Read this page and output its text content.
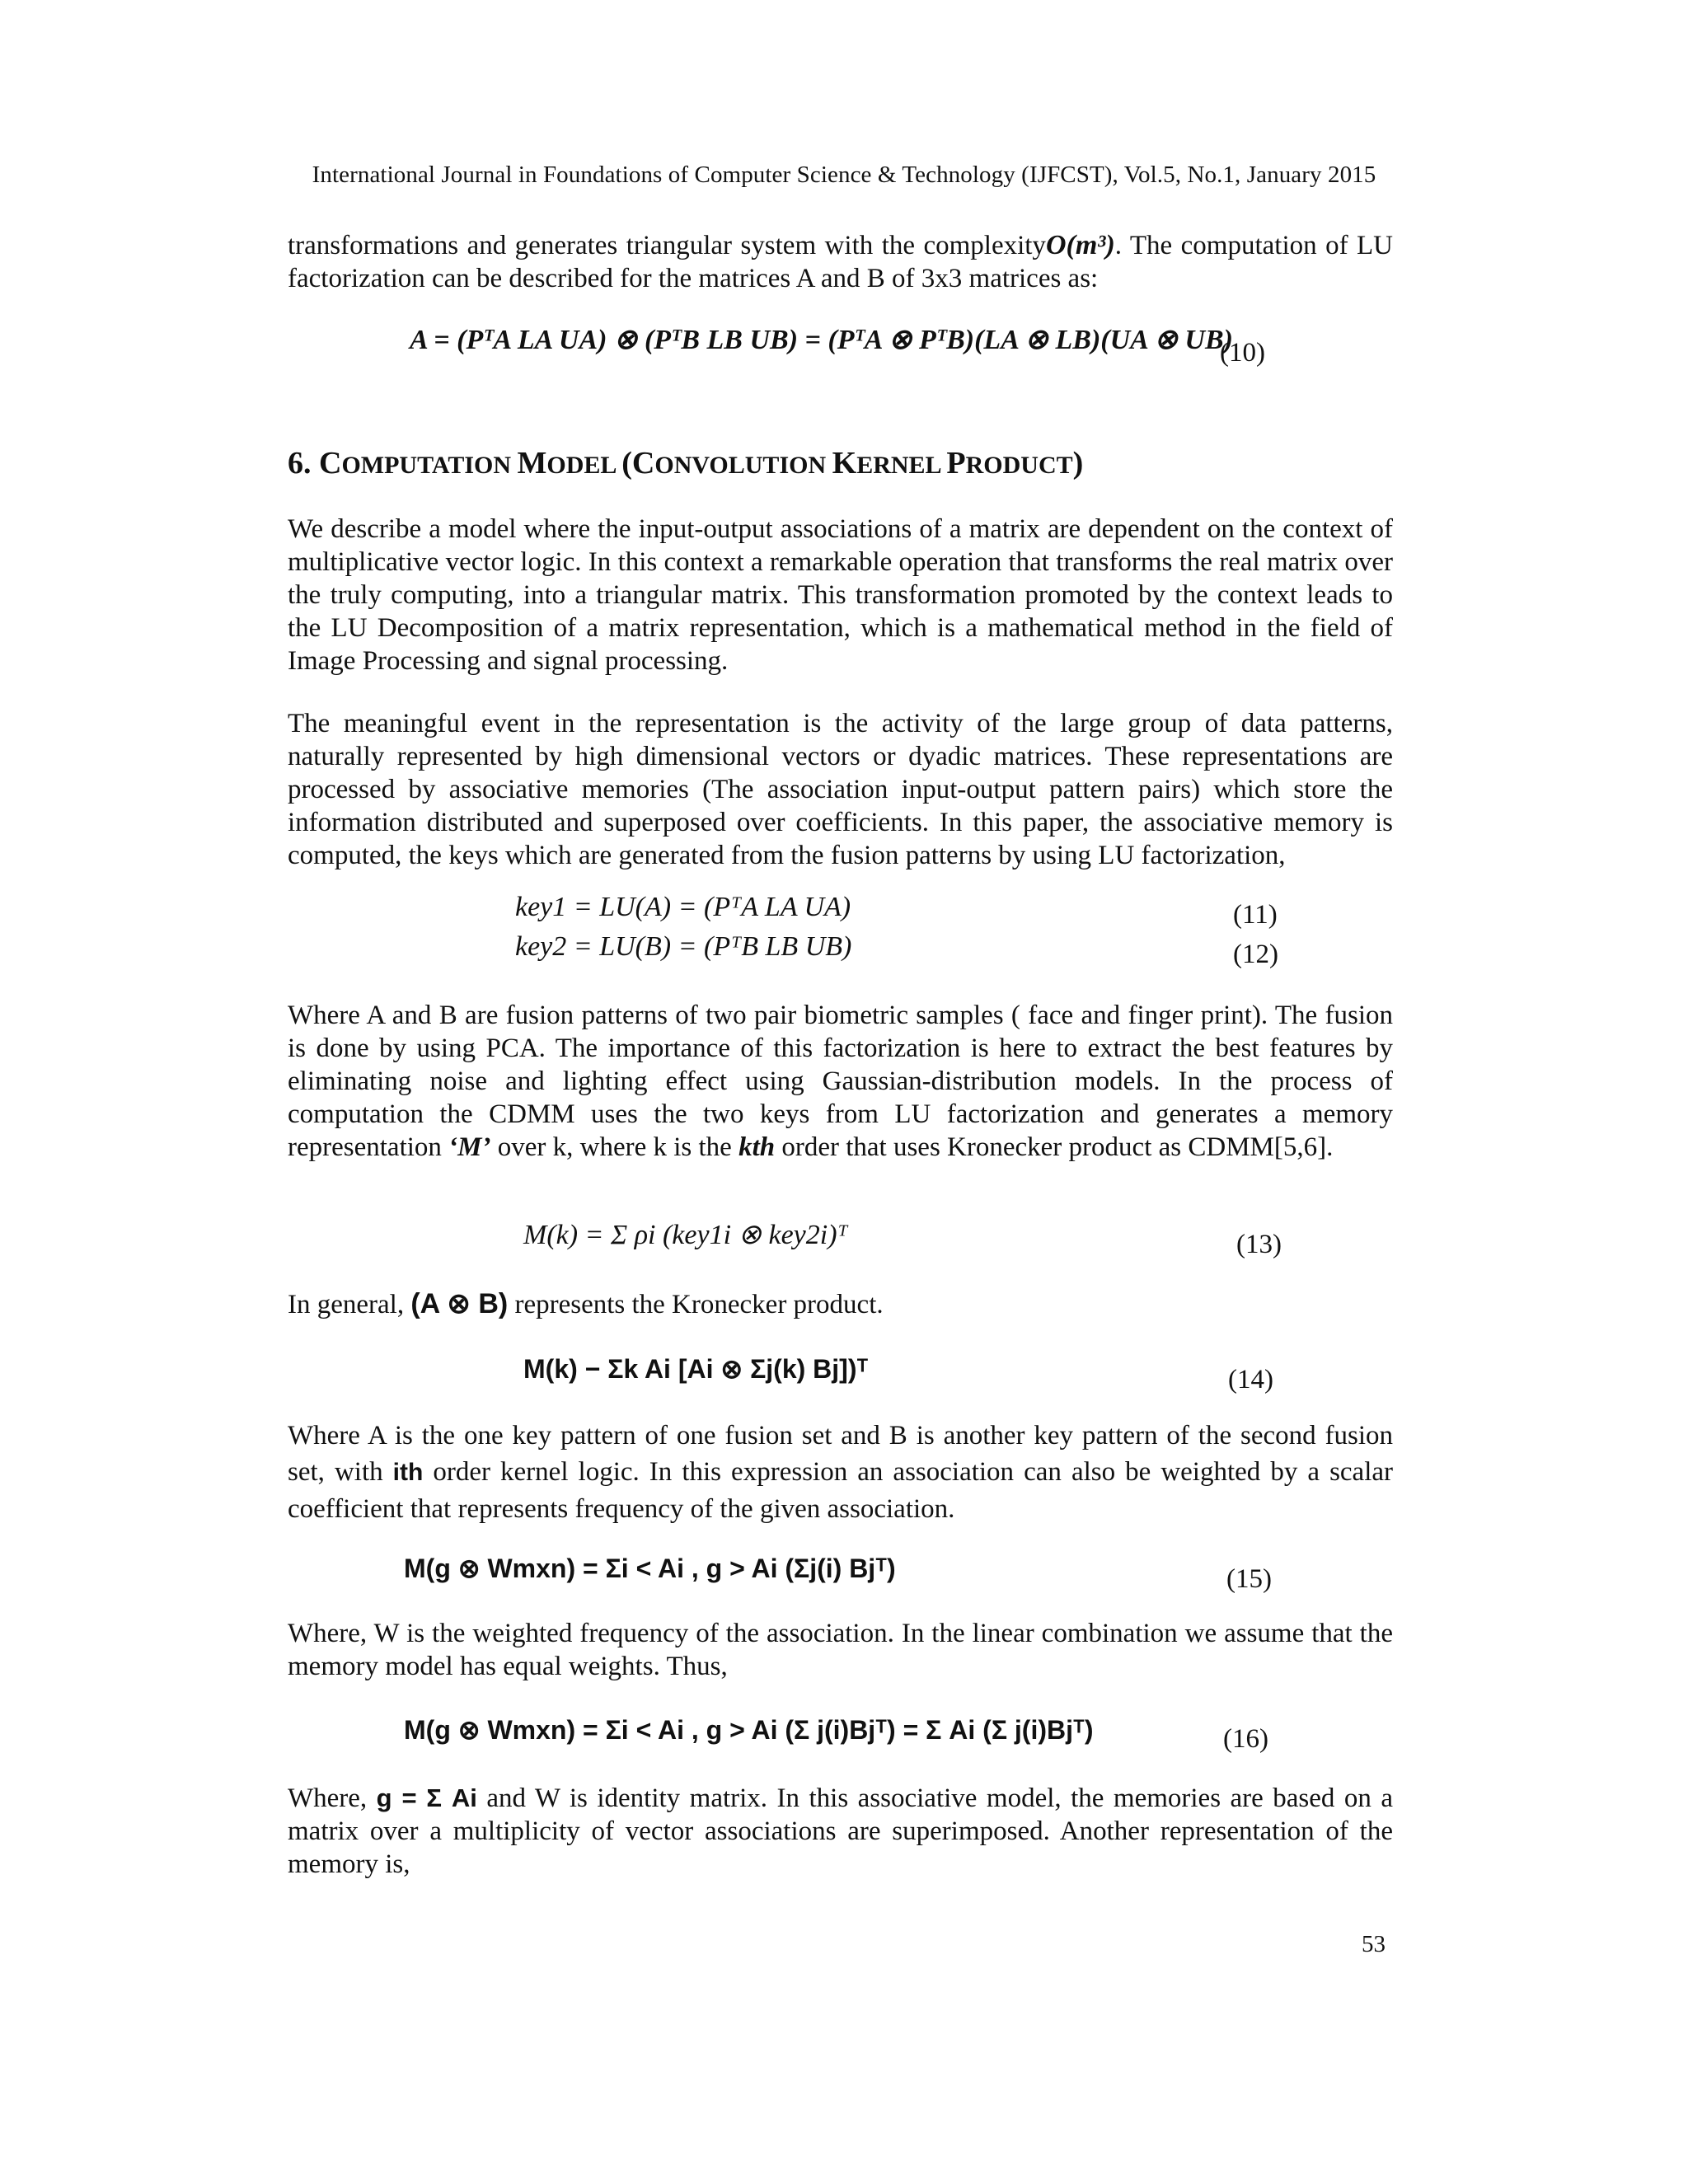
International Journal in Foundations of Computer Science & Technology (IJFCST), Vol.5, No.1, January 2015

transformations and generates triangular system with the complexityO(m³). The computation of LU factorization can be described for the matrices A and B of 3x3 matrices as:

A = (PᵀA LA UA) ⊗ (PᵀB LB UB) = (PᵀA ⊗ PᵀB)(LA ⊗ LB)(UA ⊗ UB)
(10)
6. COMPUTATION MODEL (CONVOLUTION KERNEL PRODUCT)

We describe a model where the input-output associations of a matrix are dependent on the context of multiplicative vector logic. In this context a remarkable operation that transforms the real matrix over the truly computing, into a triangular matrix. This transformation promoted by the context leads to the LU Decomposition of a matrix representation, which is a mathematical method in the field of Image Processing and signal processing.

The meaningful event in the representation is the activity of the large group of data patterns, naturally represented by high dimensional vectors or dyadic matrices. These representations are processed by associative memories (The association input-output pattern pairs) which store the information distributed and superposed over coefficients. In this paper, the associative memory is computed, the keys which are generated from the fusion patterns by using LU factorization,

key1 = LU(A) = (PᵀA LA UA)	(11)
key2 = LU(B) = (PᵀB LB UB)	(12)

Where A and B are fusion patterns of two pair biometric samples ( face and finger print). The fusion is done by using PCA. The importance of this factorization is here to extract the best features by eliminating noise and lighting effect using Gaussian-distribution models. In the process of computation the CDMM uses the two keys from LU factorization and generates a memory representation ‘M’ over k, where k is the kth order that uses Kronecker product as CDMM[5,6].

M(k) = Σ ρi (key1i ⊗ key2i)ᵀ	(13)

In general, (A ⊗ B) represents the Kronecker product.

M(k) − Σk Ai [Ai ⊗ Σj(k) Bj])ᵀ	(14)

Where A is the one key pattern of one fusion set and B is another key pattern of the second fusion set, with ith order kernel logic. In this expression an association can also be weighted by a scalar coefficient that represents frequency of the given association.

M(g ⊗ Wmxn) = Σi < Ai , g > Ai (Σj(i) Bjᵀ)	(15)

Where, W is the weighted frequency of the association. In the linear combination we assume that the memory model has equal weights. Thus,

M(g ⊗ Wmxn) = Σi < Ai , g > Ai (Σ j(i)Bjᵀ) = Σ Ai (Σ j(i)Bjᵀ)	(16)

Where, g = Σ Ai and W is identity matrix. In this associative model, the memories are based on a matrix over a multiplicity of vector associations are superimposed. Another representation of the memory is,

53
